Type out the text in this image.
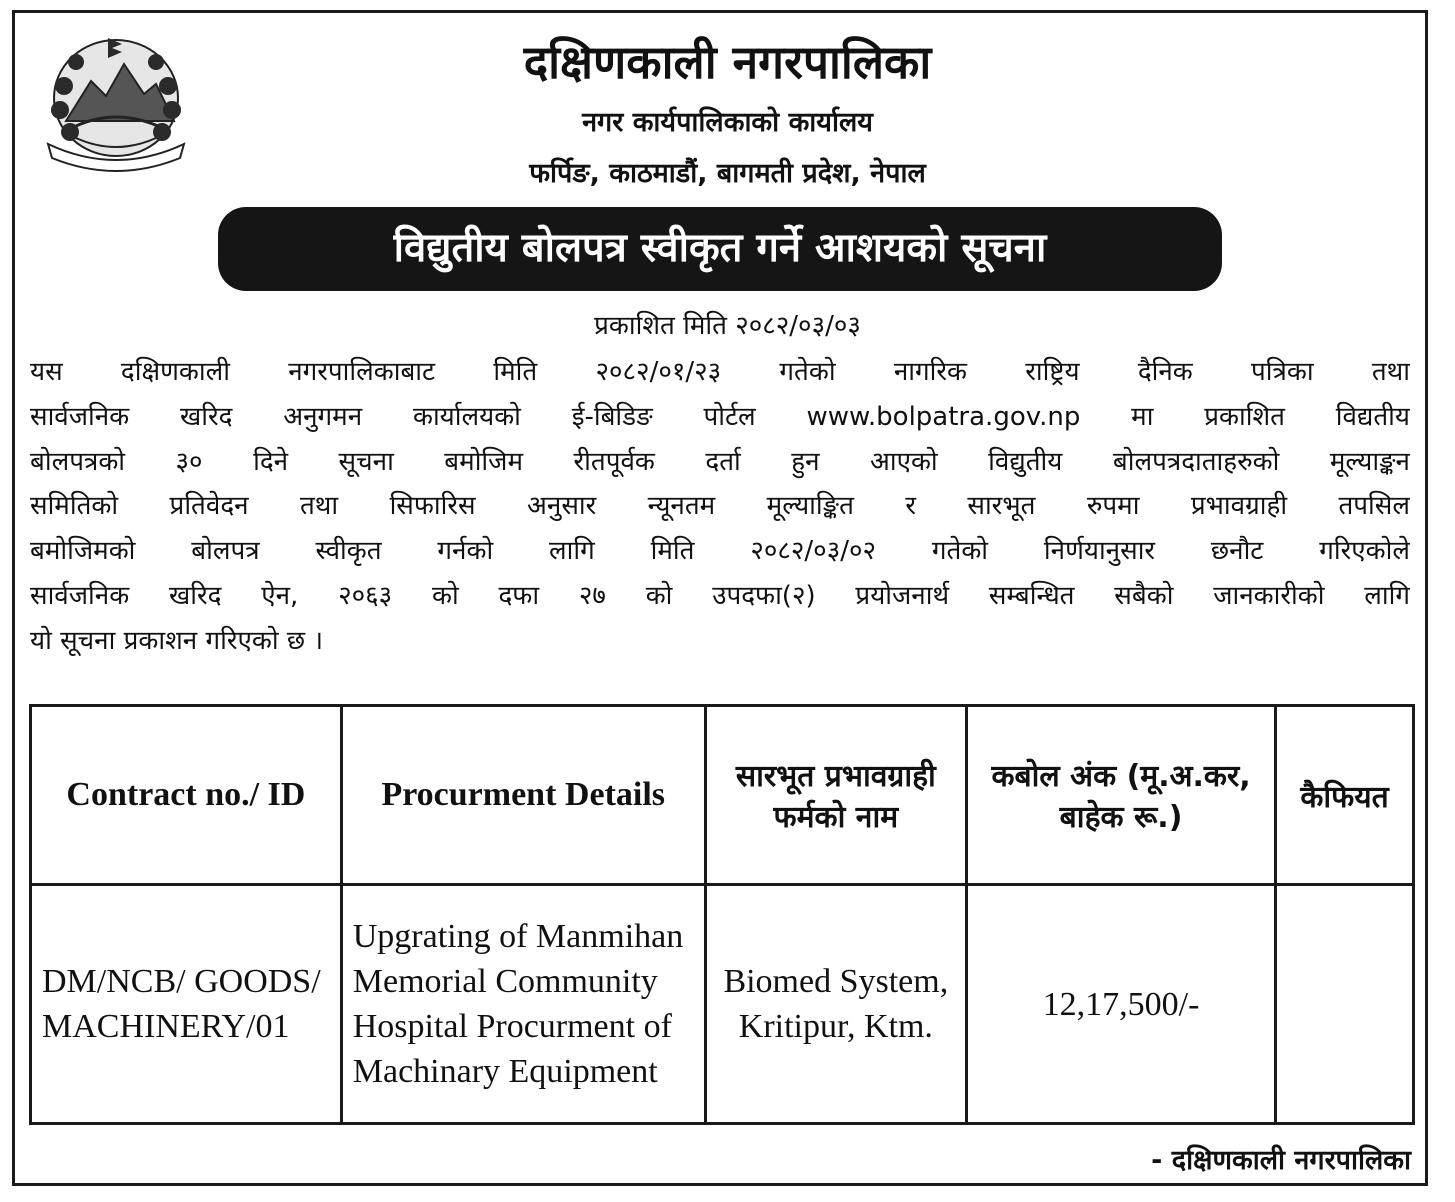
दक्षिणकाली नगरपालिका
नगर कार्यपालिकाको कार्यालय
फर्पिङ, काठमाडौं, बागमती प्रदेश, नेपाल
विद्युतीय बोलपत्र स्वीकृत गर्ने आशयको सूचना
प्रकाशित मिति २०८२/०३/०३
यस दक्षिणकाली नगरपालिकाबाट मिति २०८२/०१/२३ गतेको नागरिक राष्ट्रिय दैनिक पत्रिका तथा
सार्वजनिक खरिद अनुगमन कार्यालयको ई-बिडिङ पोर्टल www.bolpatra.gov.np मा प्रकाशित विद्यतीय
बोलपत्रको ३० दिने सूचना बमोजिम रीतपूर्वक दर्ता हुन आएको विद्युतीय बोलपत्रदाताहरुको मूल्याङ्कन
समितिको प्रतिवेदन तथा सिफारिस अनुसार न्यूनतम मूल्याङ्कित र सारभूत रुपमा प्रभावग्राही तपसिल
बमोजिमको बोलपत्र स्वीकृत गर्नको लागि मिति २०८२/०३/०२ गतेको निर्णयानुसार छनौट गरिएकोले
सार्वजनिक खरिद ऐन, २०६३ को दफा २७ को उपदफा(२) प्रयोजनार्थ सम्बन्धित सबैको जानकारीको लागि
यो सूचना प्रकाशन गरिएको छ ।
Contract no./ ID	Procurment Details	सारभूत प्रभावग्राही फर्मको नाम	कबोल अंक (मू.अ.कर, बाहेक रू.)	कैफियत
DM/NCB/ GOODS/ MACHINERY/01	Upgrating of Manmihan Memorial Community Hospital Procurment of Machinary Equipment	Biomed System, Kritipur, Ktm.	12,17,500/-	
- दक्षिणकाली नगरपालिका
